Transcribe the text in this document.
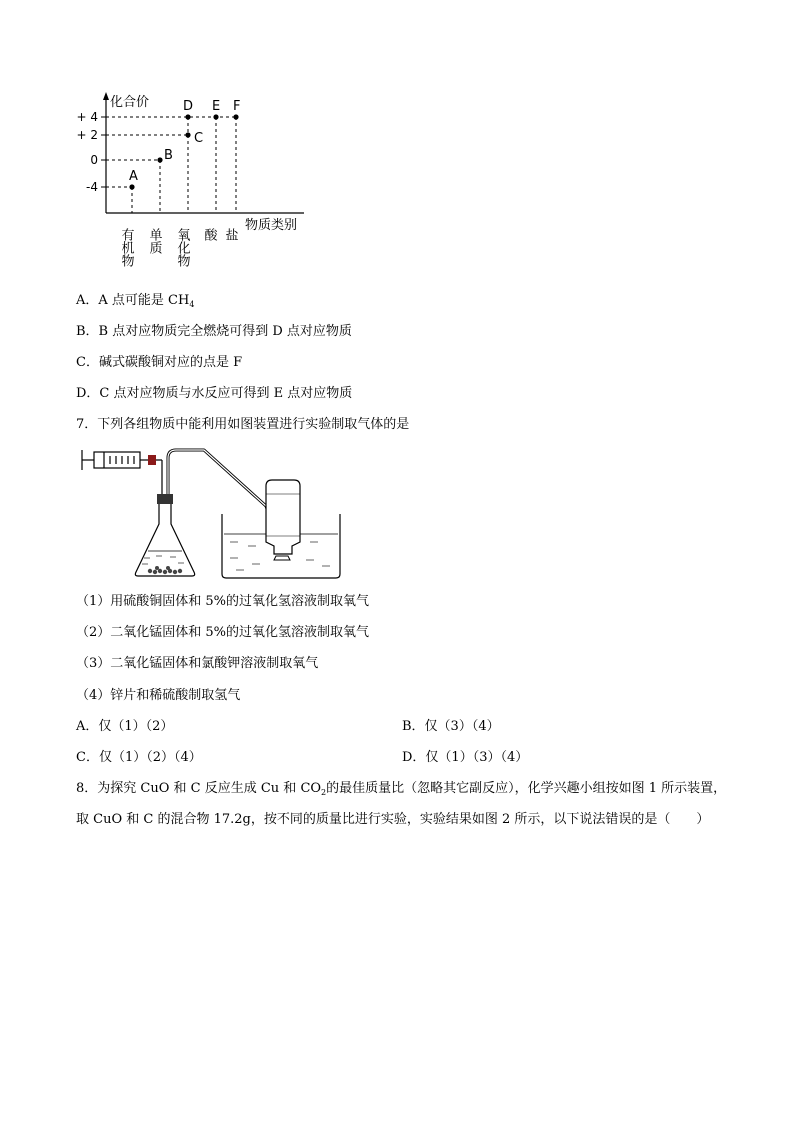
化合价
+ 4
+ 2
0
-4
A
B
C
D E F
有机物 单质 氧化物 酸 盐
物质类别
A．A 点可能是 $CH_4$
B．B 点对应物质完全燃烧可得到 D 点对应物质
C．碱式碳酸铜对应的点是 F
D．C 点对应物质与水反应可得到 E 点对应物质
7．下列各组物质中能利用如图装置进行实验制取气体的是
（1）用硫酸铜固体和 5%的过氧化氢溶液制取氧气
（2）二氧化锰固体和 5%的过氧化氢溶液制取氧气
（3）二氧化锰固体和氯酸钾溶液制取氧气
（4）锌片和稀硫酸制取氢气
A．仅（1）（2）	B．仅（3）（4）
C．仅（1）（2）（4）	D．仅（1）（3）（4）
8．为探究 CuO 和 C 反应生成 Cu 和 $CO_2$的最佳质量比（忽略其它副反应），化学兴趣小组按如图 1 所示装置，
取 CuO 和 C 的混合物 17.2g，按不同的质量比进行实验，实验结果如图 2 所示，以下说法错误的是（　　）
